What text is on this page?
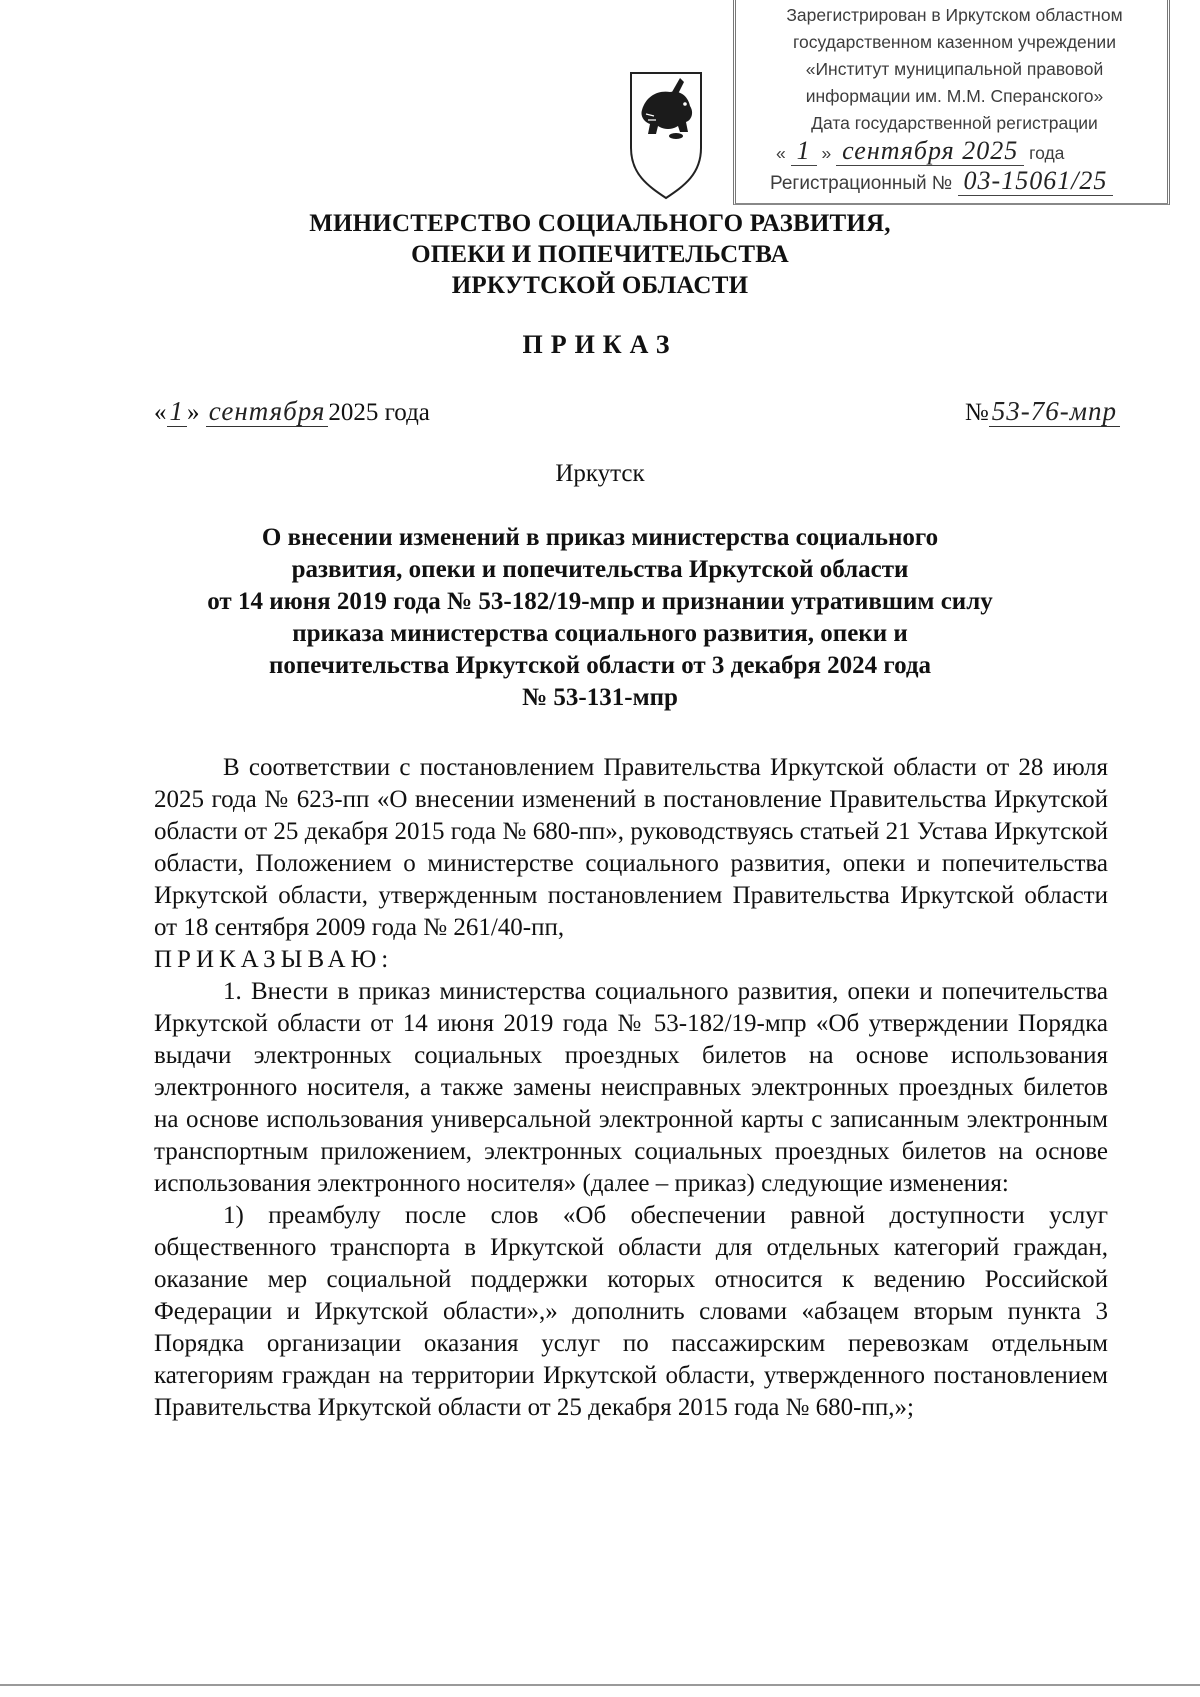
Зарегистрирован в Иркутском областном
государственном казенном учреждении
«Институт муниципальной правовой
информации им. М.М. Сперанского»
Дата государственной регистрации
« 1 » сентября 2025 года
Регистрационный № 03-15061/25
МИНИСТЕРСТВО СОЦИАЛЬНОГО РАЗВИТИЯ,
ОПЕКИ И ПОПЕЧИТЕЛЬСТВА
ИРКУТСКОЙ ОБЛАСТИ
ПРИКАЗ
« 1 » сентября 2025 года	№ 53-76-мпр
Иркутск
О внесении изменений в приказ министерства социального
развития, опеки и попечительства Иркутской области
от 14 июня 2019 года № 53-182/19-мпр и признании утратившим силу
приказа министерства социального развития, опеки и
попечительства Иркутской области от 3 декабря 2024 года
№ 53-131-мпр

В соответствии с постановлением Правительства Иркутской области от 28 июля 2025 года № 623-пп «О внесении изменений в постановление Правительства Иркутской области от 25 декабря 2015 года № 680-пп», руководствуясь статьей 21 Устава Иркутской области, Положением о министерстве социального развития, опеки и попечительства Иркутской области, утвержденным постановлением Правительства Иркутской области от 18 сентября 2009 года № 261/40-пп,

ПРИКАЗЫВАЮ:

1. Внести в приказ министерства социального развития, опеки и попечительства Иркутской области от 14 июня 2019 года № 53-182/19-мпр «Об утверждении Порядка выдачи электронных социальных проездных билетов на основе использования электронного носителя, а также замены неисправных электронных проездных билетов на основе использования универсальной электронной карты с записанным электронным транспортным приложением, электронных социальных проездных билетов на основе использования электронного носителя» (далее – приказ) следующие изменения:

1) преамбулу после слов «Об обеспечении равной доступности услуг общественного транспорта в Иркутской области для отдельных категорий граждан, оказание мер социальной поддержки которых относится к ведению Российской Федерации и Иркутской области»,» дополнить словами «абзацем вторым пункта 3 Порядка организации оказания услуг по пассажирским перевозкам отдельным категориям граждан на территории Иркутской области, утвержденного постановлением Правительства Иркутской области от 25 декабря 2015 года № 680-пп,»;
